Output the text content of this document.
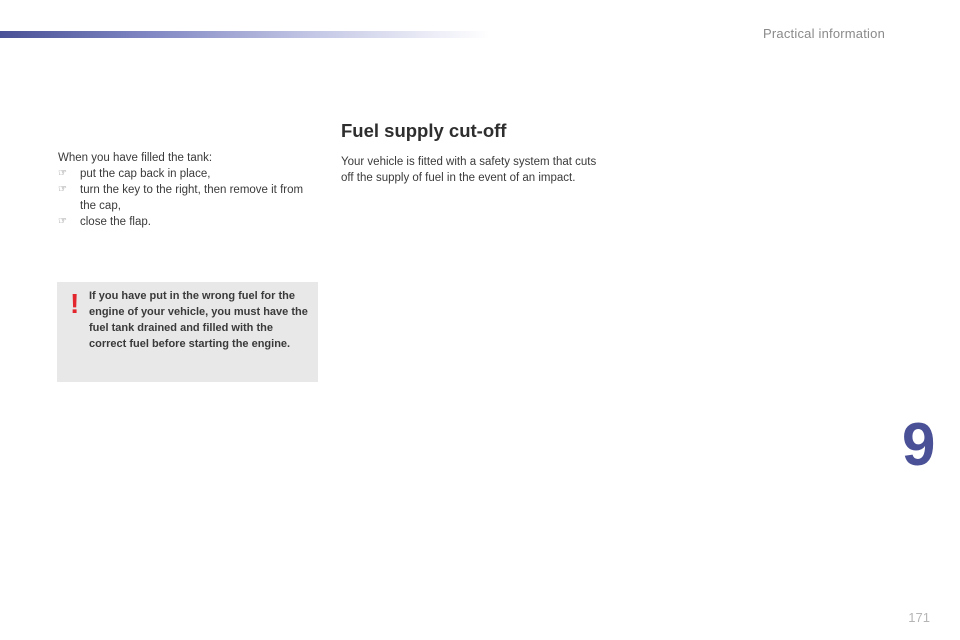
Practical information

When you have filled the tank:

☞ put the cap back in place,
☞ turn the key to the right, then remove it from the cap,
☞ close the flap.
! If you have put in the wrong fuel for the engine of your vehicle, you must have the fuel tank drained and filled with the correct fuel before starting the engine.
Fuel supply cut-off

Your vehicle is fitted with a safety system that cuts off the supply of fuel in the event of an impact.

9
171
